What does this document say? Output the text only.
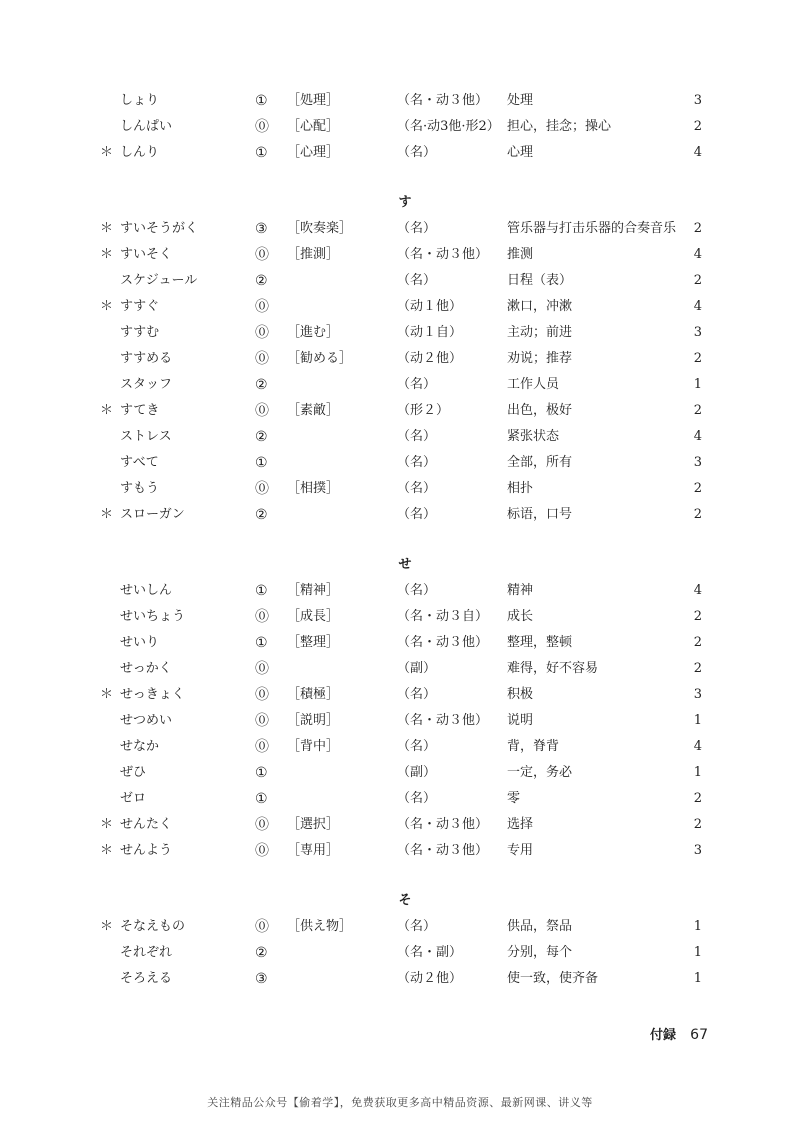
しょり	① ［処理］	（名・动３他） 处理	3
しんぱい	⓪ ［心配］	（名·动3他·形2） 担心，挂念；操心	2
＊ しんり	① ［心理］	（名）	心理	4
す
＊ すいそうがく	③ ［吹奏楽］	（名）	管乐器与打击乐器的合奏音乐	2
＊ すいそく	⓪ ［推測］	（名・动３他） 推测	4
スケジュール	②	（名）	日程（表）	2
＊ すすぐ	⓪	（动１他）	漱口，冲漱	4
すすむ	⓪ ［進む］	（动１自）	主动；前进	3
すすめる	⓪ ［勧める］	（动２他）	劝说；推荐	2
スタッフ	②	（名）	工作人员	1
＊ すてき	⓪ ［素敵］	（形２）	出色，极好	2
ストレス	②	（名）	紧张状态	4
すべて	①	（名）	全部，所有	3
すもう	⓪ ［相撲］	（名）	相扑	2
＊ スローガン	②	（名）	标语，口号	2
せ
せいしん	① ［精神］	（名）	精神	4
せいちょう	⓪ ［成長］	（名・动３自） 成长	2
せいり	① ［整理］	（名・动３他） 整理，整顿	2
せっかく	⓪	（副）	难得，好不容易	2
＊ せっきょく	⓪ ［積極］	（名）	积极	3
せつめい	⓪ ［説明］	（名・动３他） 说明	1
せなか	⓪ ［背中］	（名）	背，脊背	4
ぜひ	①	（副）	一定，务必	1
ゼロ	①	（名）	零	2
＊ せんたく	⓪ ［選択］	（名・动３他） 选择	2
＊ せんよう	⓪ ［専用］	（名・动３他） 专用	3
そ
＊ そなえもの	⓪ ［供え物］	（名）	供品，祭品	1
それぞれ	②	（名・副）	分别，每个	1
そろえる	③	（动２他）	使一致，使齐备	1
付録 67
关注精品公众号【偷着学】，免费获取更多高中精品资源、最新网课、讲义等
